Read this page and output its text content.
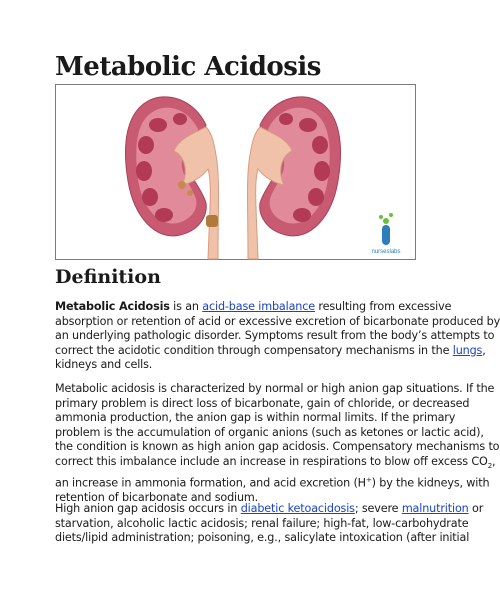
Metabolic Acidosis
nurseslabs
Definition

Metabolic Acidosis is an acid-base imbalance resulting from excessive
absorption or retention of acid or excessive excretion of bicarbonate produced by
an underlying pathologic disorder. Symptoms result from the body’s attempts to
correct the acidotic condition through compensatory mechanisms in the lungs,
kidneys and cells.

Metabolic acidosis is characterized by normal or high anion gap situations. If the
primary problem is direct loss of bicarbonate, gain of chloride, or decreased
ammonia production, the anion gap is within normal limits. If the primary
problem is the accumulation of organic anions (such as ketones or lactic acid),
the condition is known as high anion gap acidosis. Compensatory mechanisms to
correct this imbalance include an increase in respirations to blow off excess $CO_2$,
an increase in ammonia formation, and acid excretion (H+) by the kidneys, with
retention of bicarbonate and sodium.

High anion gap acidosis occurs in diabetic ketoacidosis; severe malnutrition or
starvation, alcoholic lactic acidosis; renal failure; high-fat, low-carbohydrate
diets/lipid administration; poisoning, e.g., salicylate intoxication (after initial
